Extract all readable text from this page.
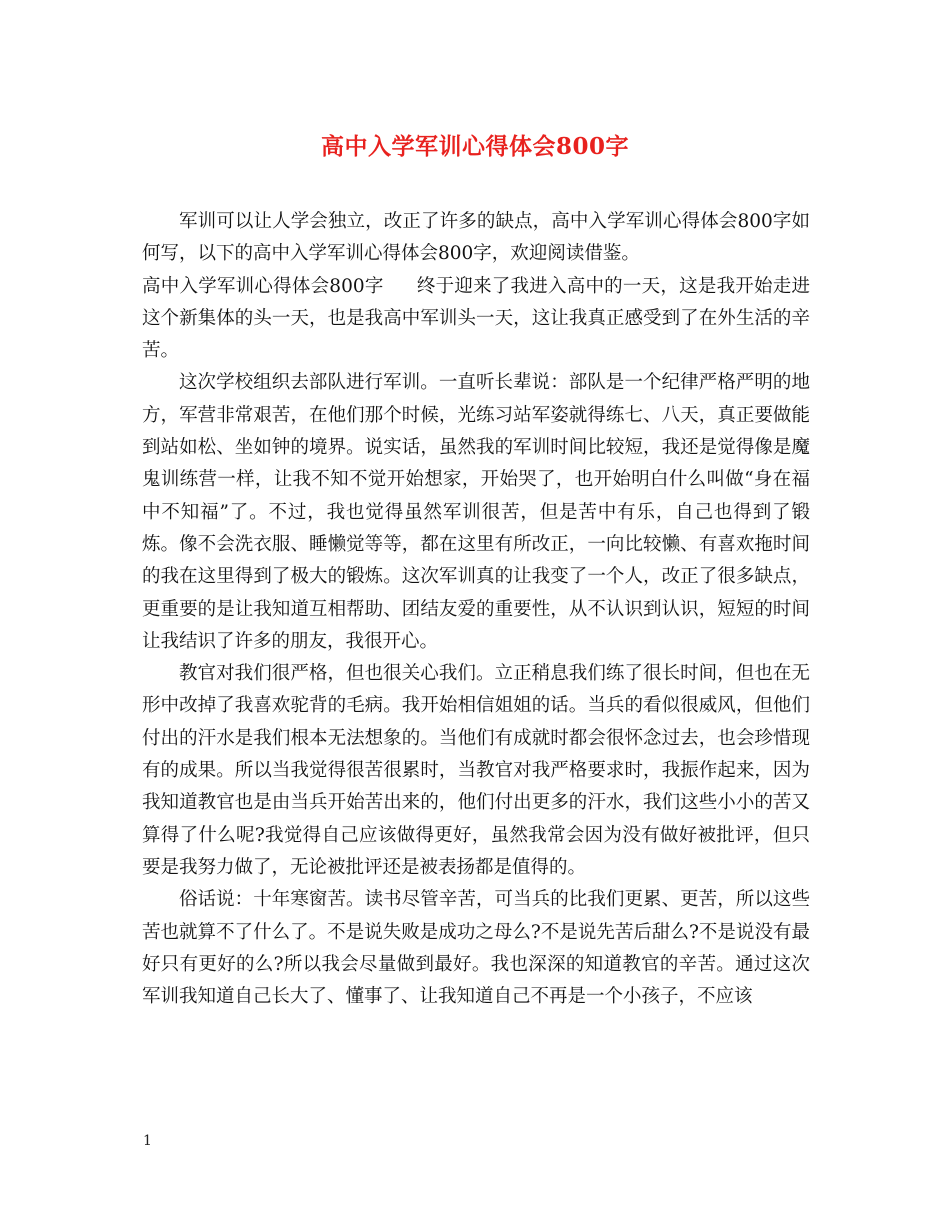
高中入学军训心得体会800字

军训可以让人学会独立，改正了许多的缺点，高中入学军训心得体会800字如何写，以下的高中入学军训心得体会800字，欢迎阅读借鉴。

高中入学军训心得体会800字 终于迎来了我进入高中的一天，这是我开始走进这个新集体的头一天，也是我高中军训头一天，这让我真正感受到了在外生活的辛苦。

这次学校组织去部队进行军训。一直听长辈说：部队是一个纪律严格严明的地方，军营非常艰苦，在他们那个时候，光练习站军姿就得练七、八天，真正要做能到站如松、坐如钟的境界。说实话，虽然我的军训时间比较短，我还是觉得像是魔鬼训练营一样，让我不知不觉开始想家，开始哭了，也开始明白什么叫做“身在福中不知福”了。不过，我也觉得虽然军训很苦，但是苦中有乐，自己也得到了锻炼。像不会洗衣服、睡懒觉等等，都在这里有所改正，一向比较懒、有喜欢拖时间的我在这里得到了极大的锻炼。这次军训真的让我变了一个人，改正了很多缺点，更重要的是让我知道互相帮助、团结友爱的重要性，从不认识到认识，短短的时间让我结识了许多的朋友，我很开心。

教官对我们很严格，但也很关心我们。立正稍息我们练了很长时间，但也在无形中改掉了我喜欢驼背的毛病。我开始相信姐姐的话。当兵的看似很威风，但他们付出的汗水是我们根本无法想象的。当他们有成就时都会很怀念过去，也会珍惜现有的成果。所以当我觉得很苦很累时，当教官对我严格要求时，我振作起来，因为我知道教官也是由当兵开始苦出来的，他们付出更多的汗水，我们这些小小的苦又算得了什么呢?我觉得自己应该做得更好，虽然我常会因为没有做好被批评，但只要是我努力做了，无论被批评还是被表扬都是值得的。

俗话说：十年寒窗苦。读书尽管辛苦，可当兵的比我们更累、更苦，所以这些苦也就算不了什么了。不是说失败是成功之母么?不是说先苦后甜么?不是说没有最好只有更好的么?所以我会尽量做到最好。我也深深的知道教官的辛苦。通过这次军训我知道自己长大了、懂事了、让我知道自己不再是一个小孩子，不应该

1
